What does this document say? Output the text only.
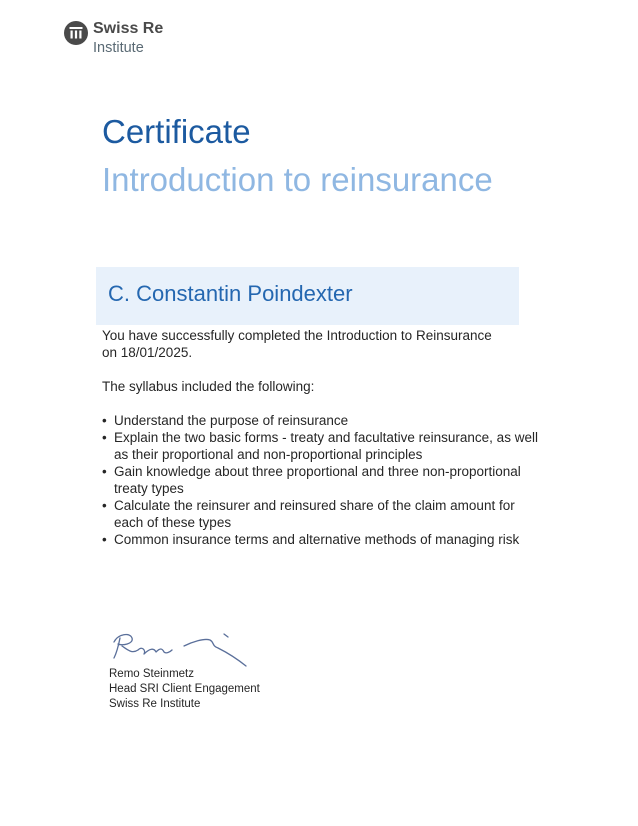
Swiss Re
Institute
Certificate
Introduction to reinsurance
C. Constantin Poindexter

You have successfully completed the Introduction to Reinsurance
on 18/01/2025.

The syllabus included the following:

• Understand the purpose of reinsurance
• Explain the two basic forms - treaty and facultative reinsurance, as well as their proportional and non-proportional principles
• Gain knowledge about three proportional and three non-proportional treaty types
• Calculate the reinsurer and reinsured share of the claim amount for each of these types
• Common insurance terms and alternative methods of managing risk
Remo Steinmetz
Head SRI Client Engagement
Swiss Re Institute
